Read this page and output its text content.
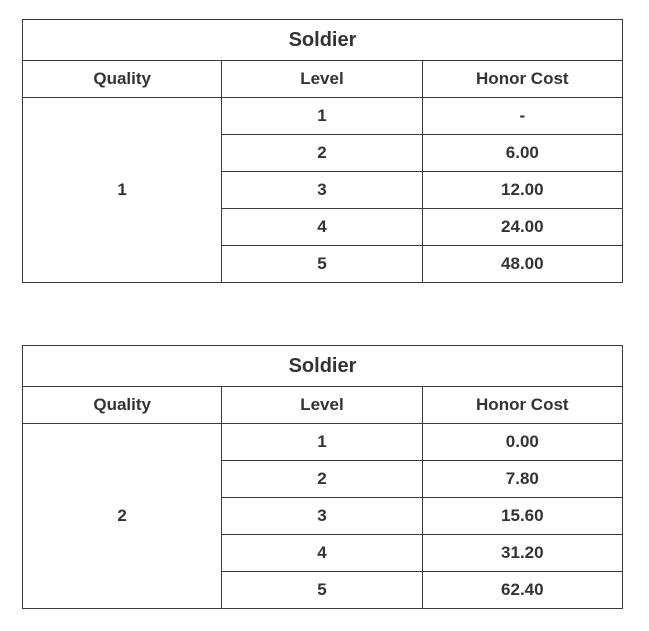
Soldier		
Quality	Level	Honor Cost
1	1	-
	2	6.00
	3	12.00
	4	24.00
	5	48.00
Soldier		
Quality	Level	Honor Cost
2	1	0.00
	2	7.80
	3	15.60
	4	31.20
	5	62.40
